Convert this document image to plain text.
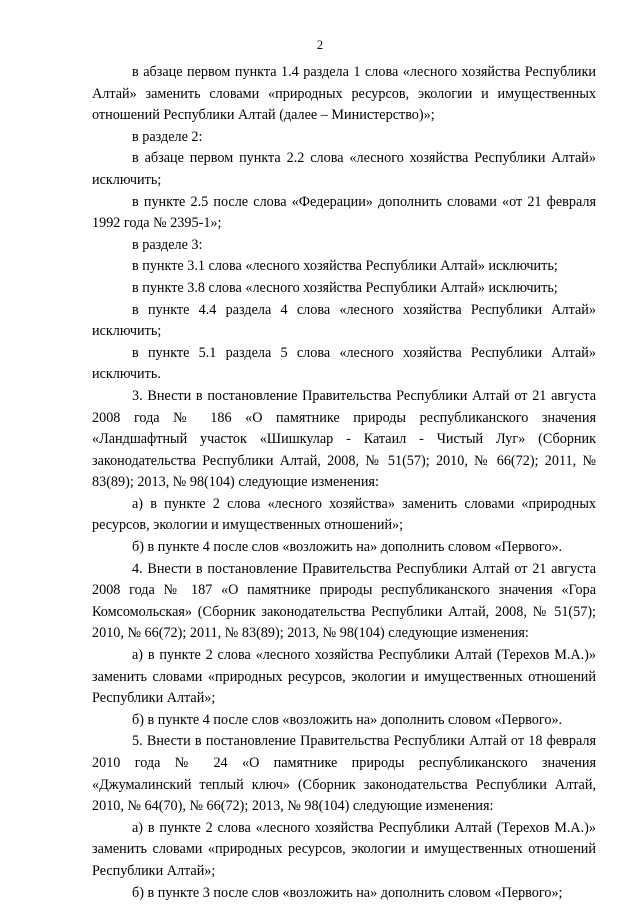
2

в абзаце первом пункта 1.4 раздела 1 слова «лесного хозяйства Республики Алтай» заменить словами «природных ресурсов, экологии и имущественных отношений Республики Алтай (далее – Министерство)»;

в разделе 2:

в абзаце первом пункта 2.2 слова «лесного хозяйства Республики Алтай» исключить;

в пункте 2.5 после слова «Федерации» дополнить словами «от 21 февраля 1992 года № 2395-1»;

в разделе 3:

в пункте 3.1 слова «лесного хозяйства Республики Алтай» исключить;

в пункте 3.8 слова «лесного хозяйства Республики Алтай» исключить;

в пункте 4.4 раздела 4 слова «лесного хозяйства Республики Алтай» исключить;

в пункте 5.1 раздела 5 слова «лесного хозяйства Республики Алтай» исключить.

3. Внести в постановление Правительства Республики Алтай от 21 августа 2008 года № 186 «О памятнике природы республиканского значения «Ландшафтный участок «Шишкулар - Катаил - Чистый Луг» (Сборник законодательства Республики Алтай, 2008, № 51(57); 2010, № 66(72); 2011, № 83(89); 2013, № 98(104) следующие изменения:

а) в пункте 2 слова «лесного хозяйства» заменить словами «природных ресурсов, экологии и имущественных отношений»;

б) в пункте 4 после слов «возложить на» дополнить словом «Первого».

4. Внести в постановление Правительства Республики Алтай от 21 августа 2008 года № 187 «О памятнике природы республиканского значения «Гора Комсомольская» (Сборник законодательства Республики Алтай, 2008, № 51(57); 2010, № 66(72); 2011, № 83(89); 2013, № 98(104) следующие изменения:

а) в пункте 2 слова «лесного хозяйства Республики Алтай (Терехов М.А.)» заменить словами «природных ресурсов, экологии и имущественных отношений Республики Алтай»;

б) в пункте 4 после слов «возложить на» дополнить словом «Первого».

5. Внести в постановление Правительства Республики Алтай от 18 февраля 2010 года № 24 «О памятнике природы республиканского значения «Джумалинский теплый ключ» (Сборник законодательства Республики Алтай, 2010, № 64(70), № 66(72); 2013, № 98(104) следующие изменения:

а) в пункте 2 слова «лесного хозяйства Республики Алтай (Терехов М.А.)» заменить словами «природных ресурсов, экологии и имущественных отношений Республики Алтай»;

б) в пункте 3 после слов «возложить на» дополнить словом «Первого»;
